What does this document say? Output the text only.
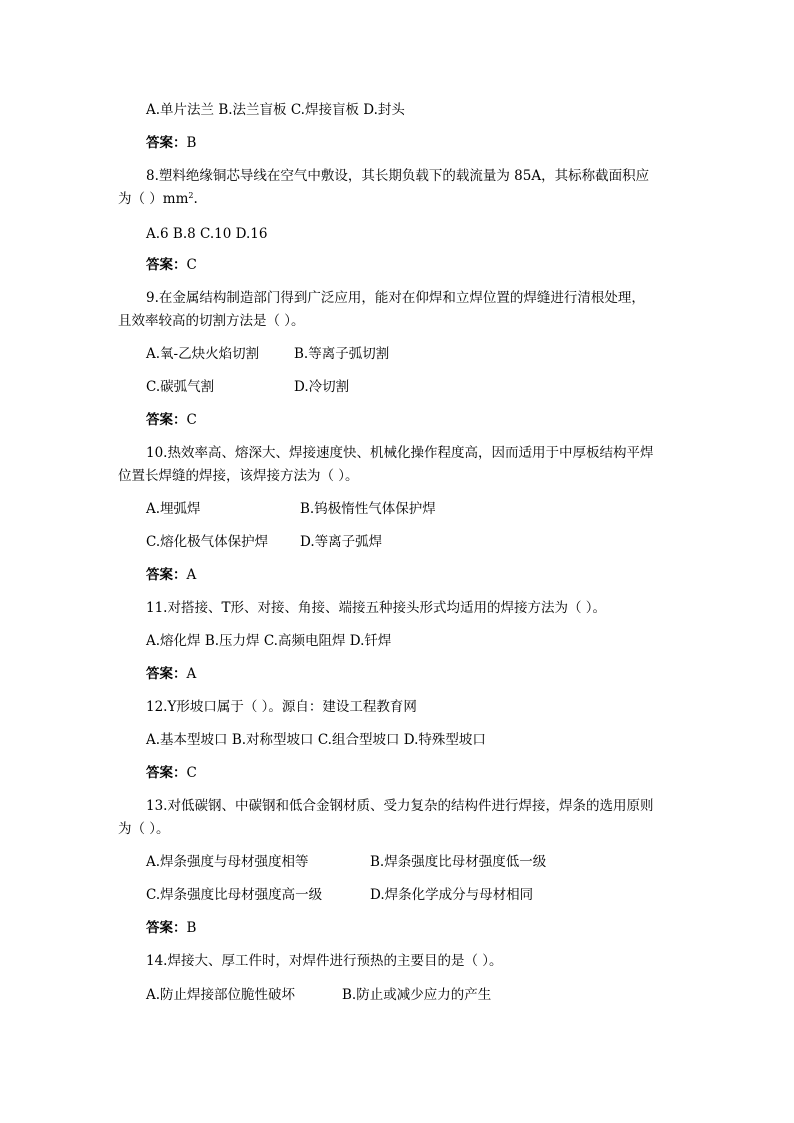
A.单片法兰 B.法兰盲板 C.焊接盲板 D.封头
答案：B
8.塑料绝缘铜芯导线在空气中敷设，其长期负载下的载流量为 85A，其标称截面积应
为（ ）$mm^2$.
A.6 B.8 C.10 D.16
答案：C
9.在金属结构制造部门得到广泛应用，能对在仰焊和立焊位置的焊缝进行清根处理，
且效率较高的切割方法是（ ）。
A.氧-乙炔火焰切割	B.等离子弧切割
C.碳弧气割	D.冷切割
答案：C
10.热效率高、熔深大、焊接速度快、机械化操作程度高，因而适用于中厚板结构平焊
位置长焊缝的焊接，该焊接方法为（ ）。
A.埋弧焊	B.钨极惰性气体保护焊
C.熔化极气体保护焊 D.等离子弧焊
答案：A
11.对搭接、T形、对接、角接、端接五种接头形式均适用的焊接方法为（ ）。
A.熔化焊 B.压力焊 C.高频电阻焊 D.钎焊
答案：A
12.Y形坡口属于（ ）。源自：建设工程教育网
A.基本型坡口 B.对称型坡口 C.组合型坡口 D.特殊型坡口
答案：C
13.对低碳钢、中碳钢和低合金钢材质、受力复杂的结构件进行焊接，焊条的选用原则
为（ ）。
A.焊条强度与母材强度相等	B.焊条强度比母材强度低一级
C.焊条强度比母材强度高一级	D.焊条化学成分与母材相同
答案：B
14.焊接大、厚工件时，对焊件进行预热的主要目的是（ ）。
A.防止焊接部位脆性破坏	B.防止或减少应力的产生
